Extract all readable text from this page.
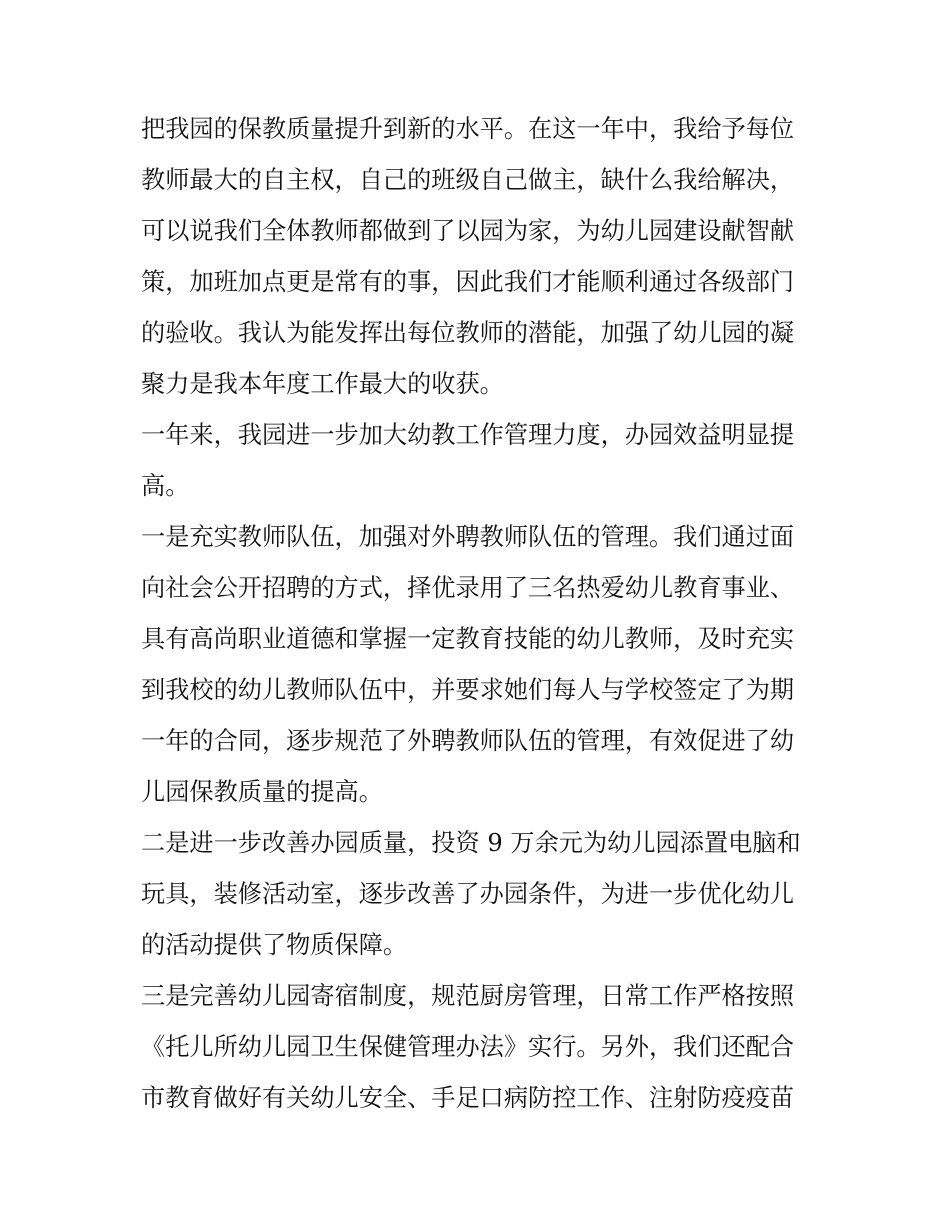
把我园的保教质量提升到新的水平。在这一年中，我给予每位
教师最大的自主权，自己的班级自己做主，缺什么我给解决，
可以说我们全体教师都做到了以园为家，为幼儿园建设献智献
策，加班加点更是常有的事，因此我们才能顺利通过各级部门
的验收。我认为能发挥出每位教师的潜能，加强了幼儿园的凝
聚力是我本年度工作最大的收获。
一年来，我园进一步加大幼教工作管理力度，办园效益明显提
高。
一是充实教师队伍，加强对外聘教师队伍的管理。我们通过面
向社会公开招聘的方式，择优录用了三名热爱幼儿教育事业、
具有高尚职业道德和掌握一定教育技能的幼儿教师，及时充实
到我校的幼儿教师队伍中，并要求她们每人与学校签定了为期
一年的合同，逐步规范了外聘教师队伍的管理，有效促进了幼
儿园保教质量的提高。
二是进一步改善办园质量，投资 9 万余元为幼儿园添置电脑和
玩具，装修活动室，逐步改善了办园条件，为进一步优化幼儿
的活动提供了物质保障。
三是完善幼儿园寄宿制度，规范厨房管理，日常工作严格按照
《托儿所幼儿园卫生保健管理办法》实行。另外，我们还配合
市教育做好有关幼儿安全、手足口病防控工作、注射防疫疫苗
